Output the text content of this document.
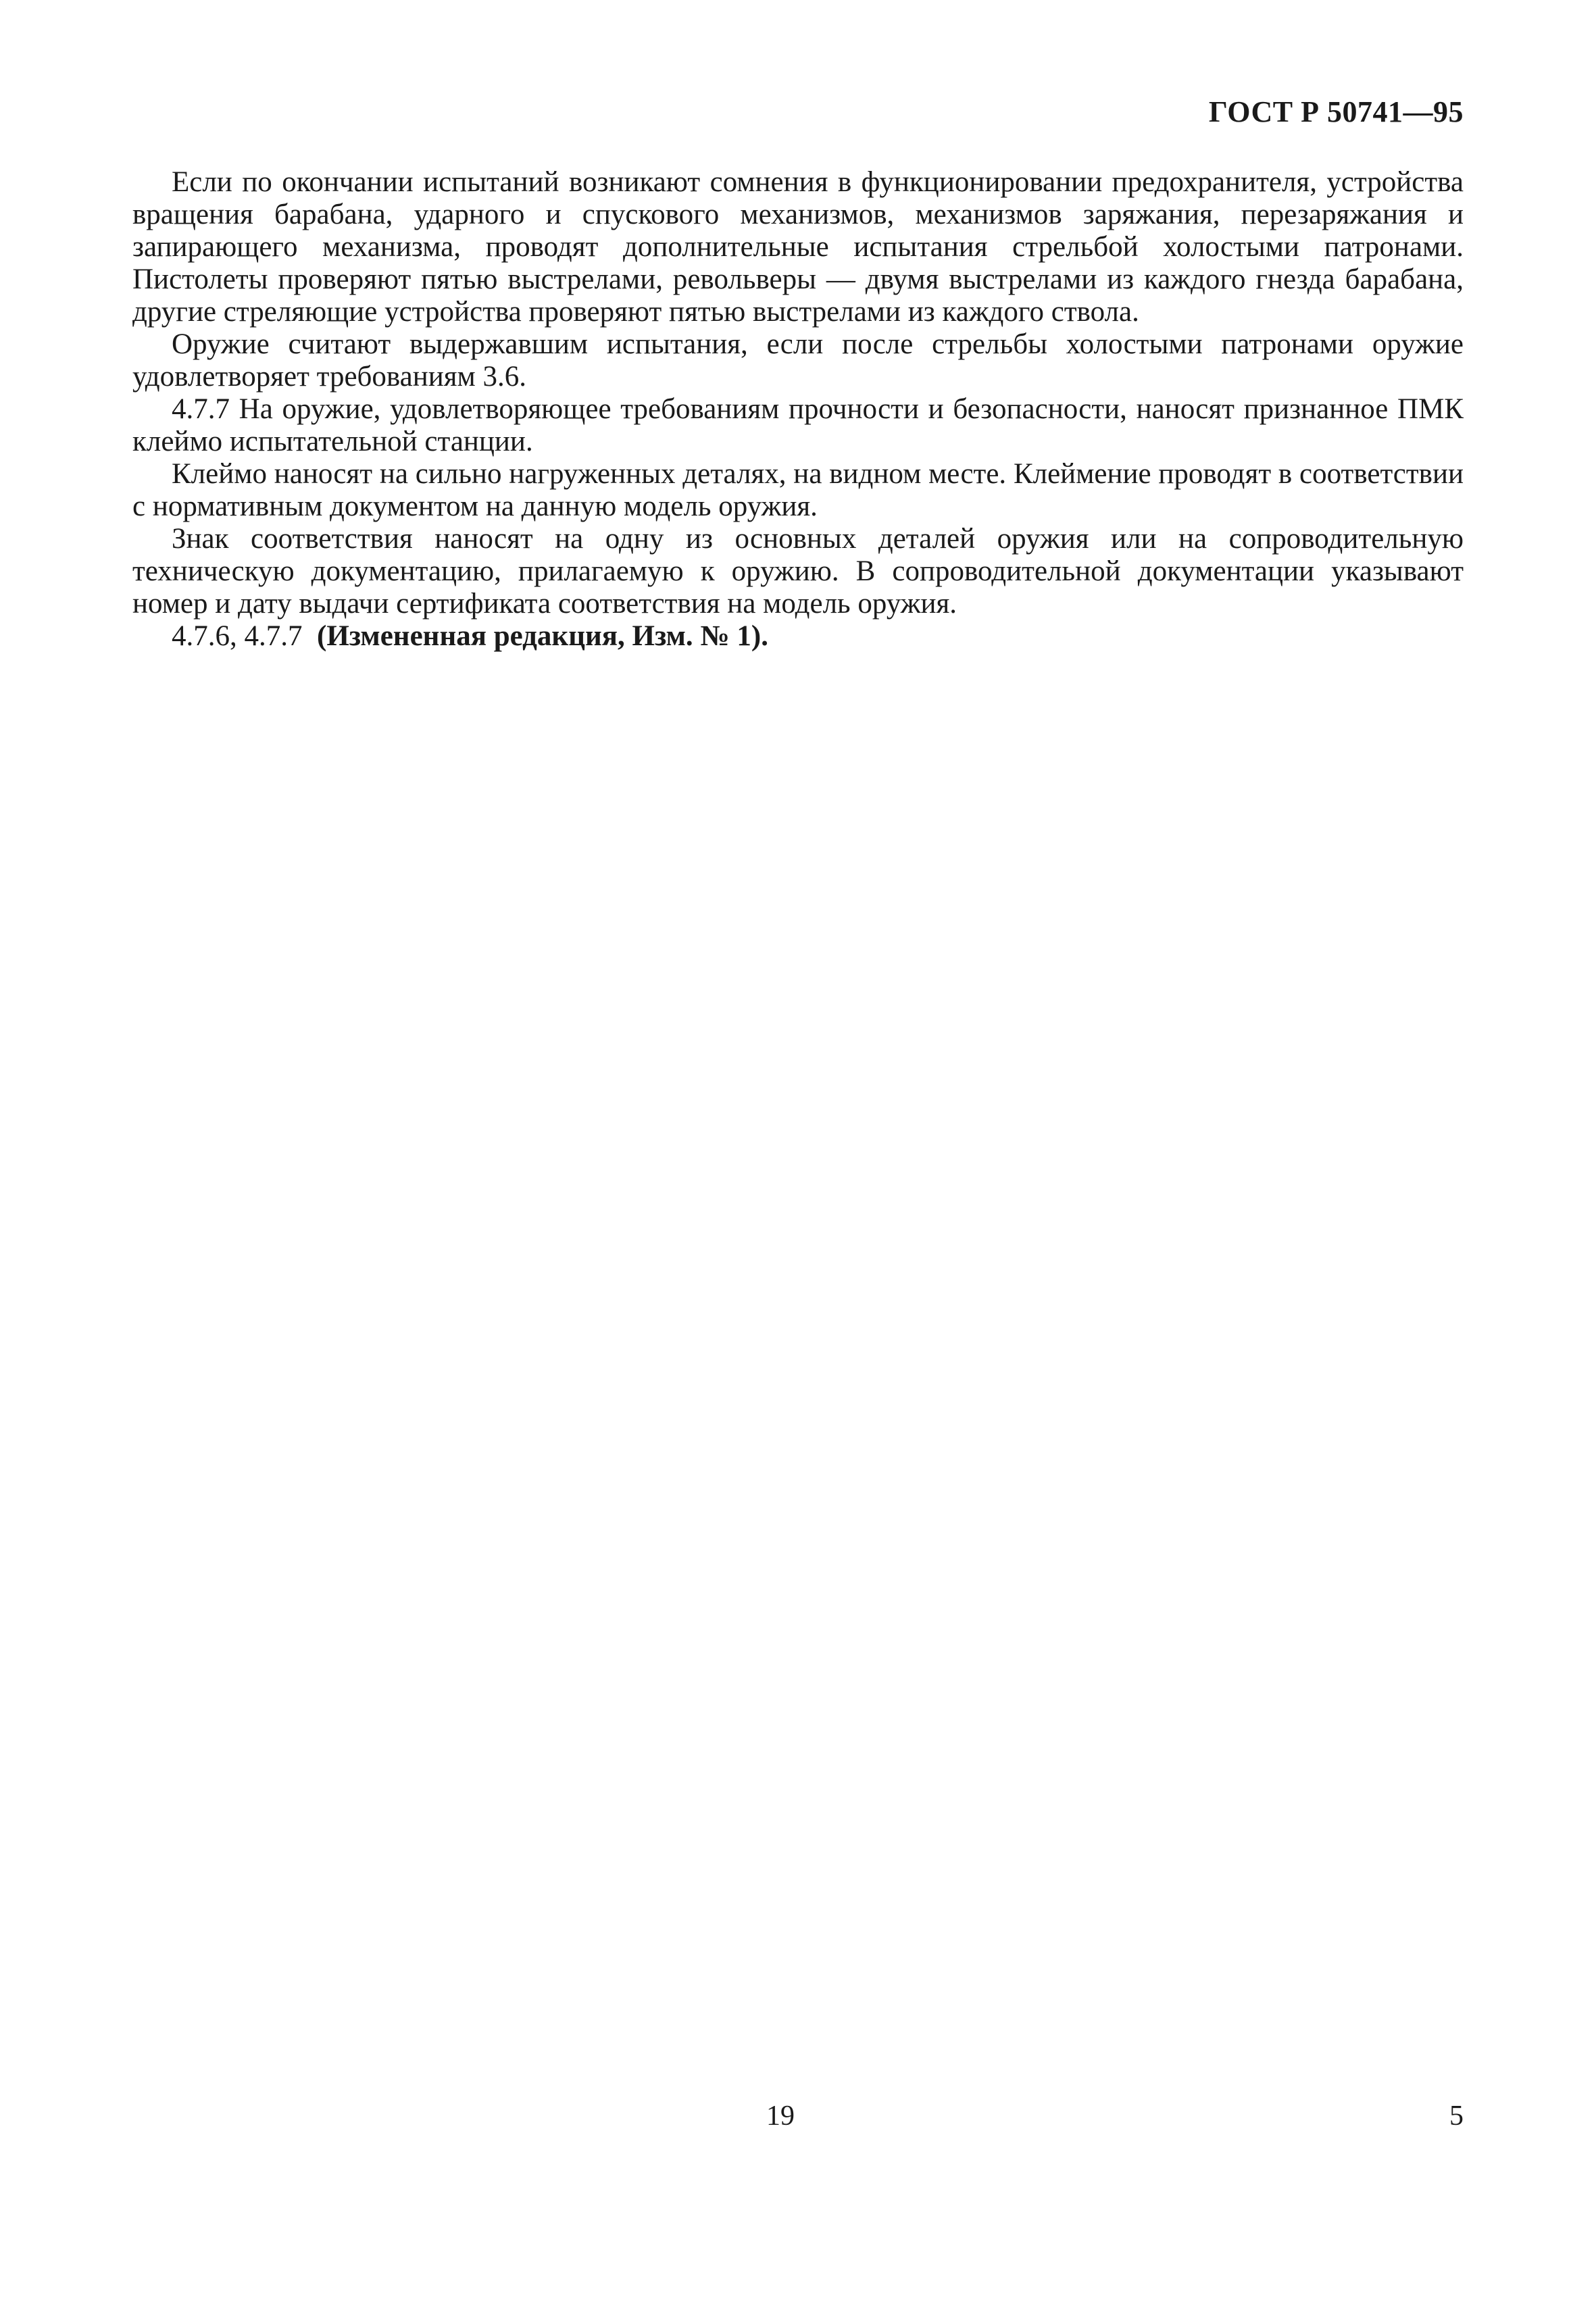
ГОСТ Р 50741—95

Если по окончании испытаний возникают сомнения в функционировании предохранителя, устройства вращения барабана, ударного и спускового механизмов, механизмов заряжания, перезаряжания и запирающего механизма, проводят дополнительные испытания стрельбой холостыми патронами. Пистолеты проверяют пятью выстрелами, револьверы — двумя выстрелами из каждого гнезда барабана, другие стреляющие устройства проверяют пятью выстрелами из каждого ствола.

Оружие считают выдержавшим испытания, если после стрельбы холостыми патронами оружие удовлетворяет требованиям 3.6.

4.7.7 На оружие, удовлетворяющее требованиям прочности и безопасности, наносят признанное ПМК клеймо испытательной станции.

Клеймо наносят на сильно нагруженных деталях, на видном месте. Клеймение проводят в соответствии с нормативным документом на данную модель оружия.

Знак соответствия наносят на одну из основных деталей оружия или на сопроводительную техническую документацию, прилагаемую к оружию. В сопроводительной документации указывают номер и дату выдачи сертификата соответствия на модель оружия.

4.7.6, 4.7.7 (Измененная редакция, Изм. № 1).

19	5
